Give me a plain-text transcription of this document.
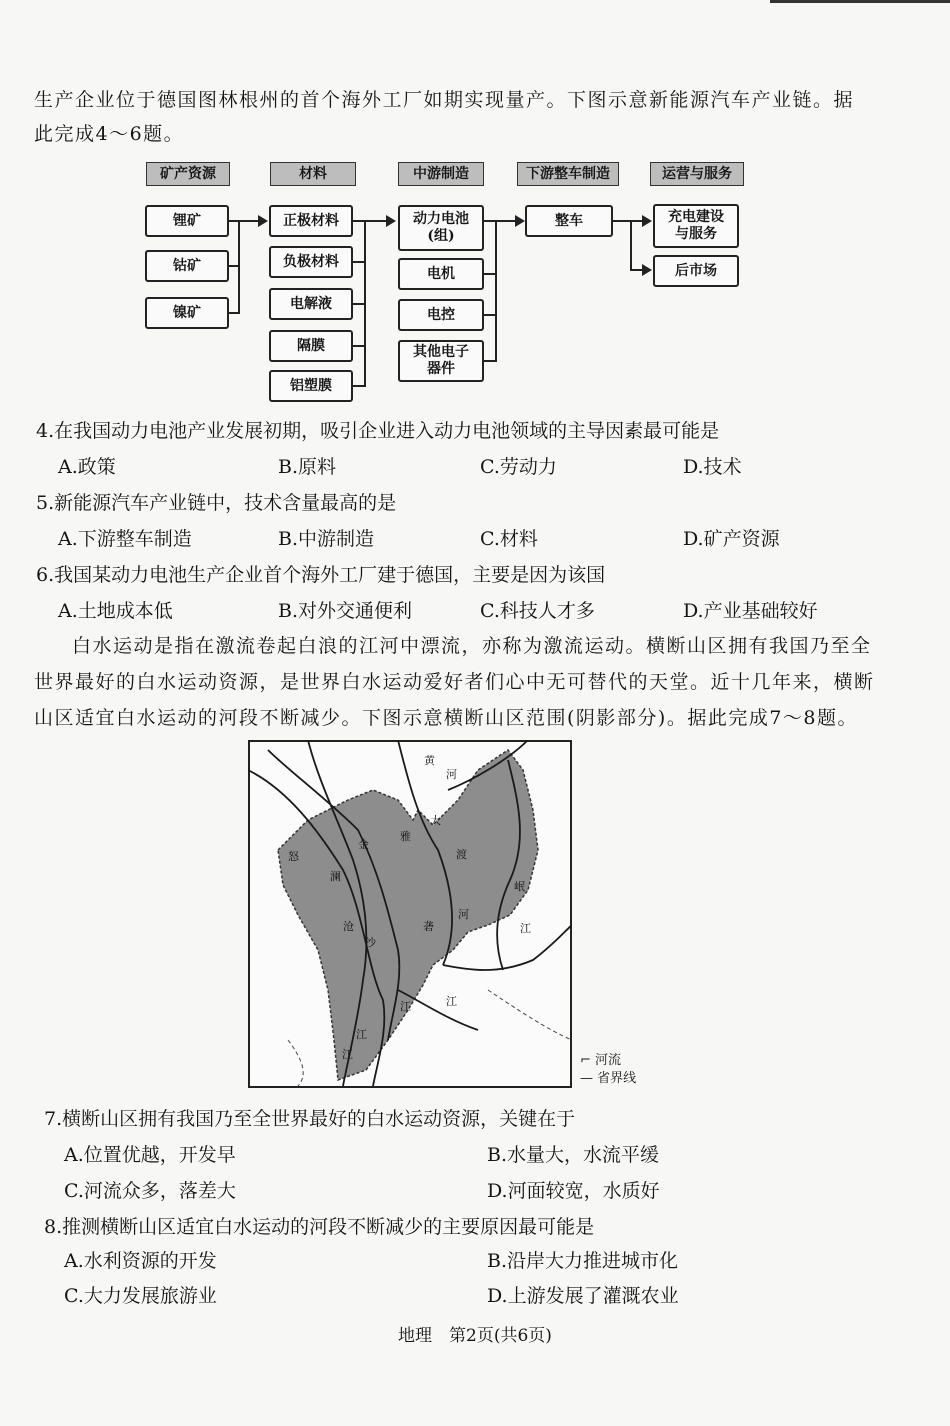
生产企业位于德国图林根州的首个海外工厂如期实现量产。下图示意新能源汽车产业链。据
此完成4～6题。
矿产资源	材料	中游制造	下游整车制造	运营与服务
锂矿
钴矿
镍矿
正极材料
负极材料
电解液
隔膜
铝塑膜
动力电池(组)
电机
电控
其他电子器件
整车	充电建设与服务
后市场
4.在我国动力电池产业发展初期，吸引企业进入动力电池领域的主导因素最可能是
A.政策	B.原料	C.劳动力	D.技术
5.新能源汽车产业链中，技术含量最高的是
A.下游整车制造	B.中游制造	C.材料	D.矿产资源
6.我国某动力电池生产企业首个海外工厂建于德国，主要是因为该国
A.土地成本低	B.对外交通便利	C.科技人才多	D.产业基础较好
白水运动是指在激流卷起白浪的江河中漂流，亦称为激流运动。横断山区拥有我国乃至全
世界最好的白水运动资源，是世界白水运动爱好者们心中无可替代的天堂。近十几年来，横断
山区适宜白水运动的河段不断减少。下图示意横断山区范围(阴影部分)。据此完成7～8题。
黄
河
大
怒
澜
沧
金
沙
雅
砻
渡
河
岷
江
江	江
江
江	⌐ 河流
— 省界线
7.横断山区拥有我国乃至全世界最好的白水运动资源，关键在于
A.位置优越，开发早	B.水量大，水流平缓
C.河流众多，落差大	D.河面较宽，水质好
8.推测横断山区适宜白水运动的河段不断减少的主要原因最可能是
A.水利资源的开发	B.沿岸大力推进城市化
C.大力发展旅游业	D.上游发展了灌溉农业
地理　第2页(共6页)
